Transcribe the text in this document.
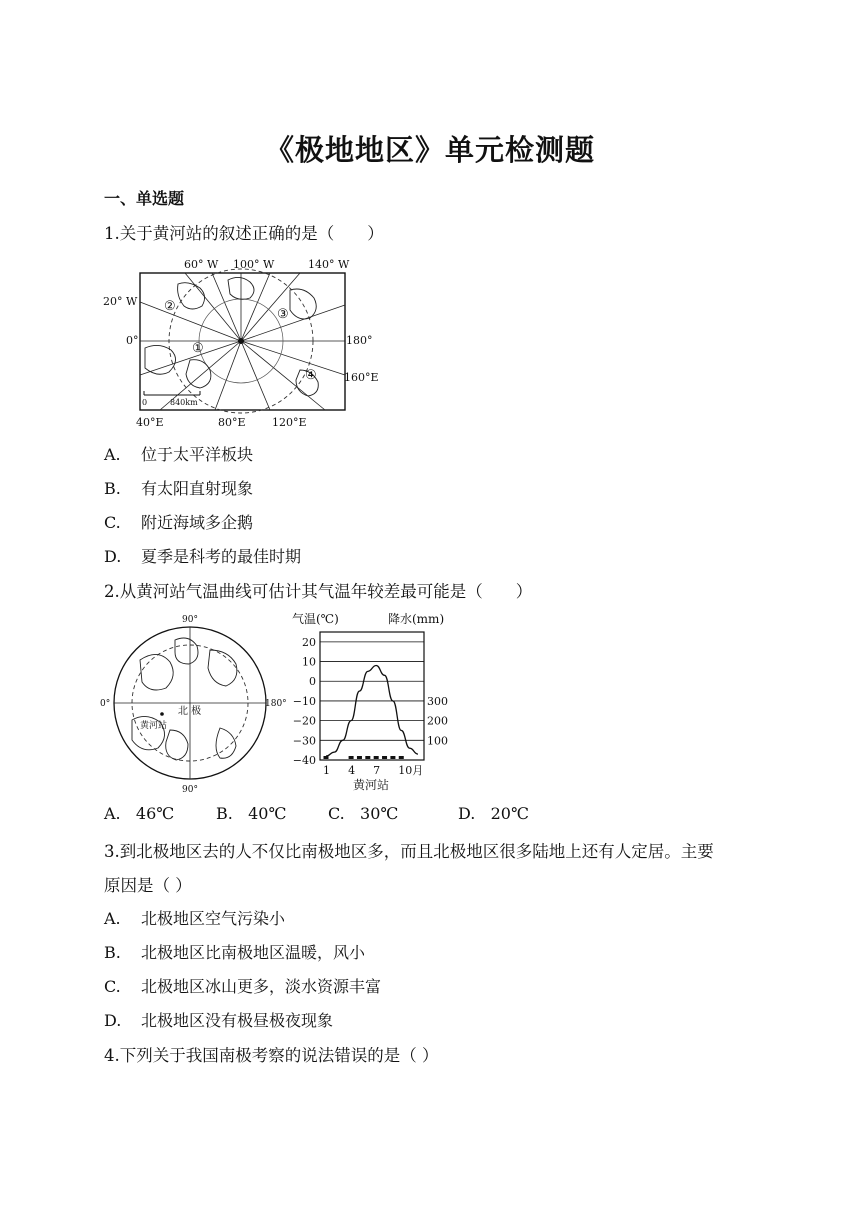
《极地地区》单元检测题
一、单选题
1.关于黄河站的叙述正确的是（　　）
60° W 100° W	140° W
20° W
0°	180°
160°E
40°E	80°E 120°E
①
②
③
④
0	840km
A. 位于太平洋板块
B. 有太阳直射现象
C. 附近海域多企鹅
D. 夏季是科考的最佳时期
2.从黄河站气温曲线可估计其气温年较差最可能是（　　）
90°
90°
0°	180°
北 极
黄河站
气温(℃)	降水(mm)
20
10
0
−10
−20
−30
−40
300
200
100
1 4 7 10月
黄河站
A. 46℃	B. 40℃	C. 30℃	D. 20℃
3.到北极地区去的人不仅比南极地区多，而且北极地区很多陆地上还有人定居。主要
原因是（ ）
A. 北极地区空气污染小
B. 北极地区比南极地区温暖，风小
C. 北极地区冰山更多，淡水资源丰富
D. 北极地区没有极昼极夜现象
4.下列关于我国南极考察的说法错误的是（ ）
